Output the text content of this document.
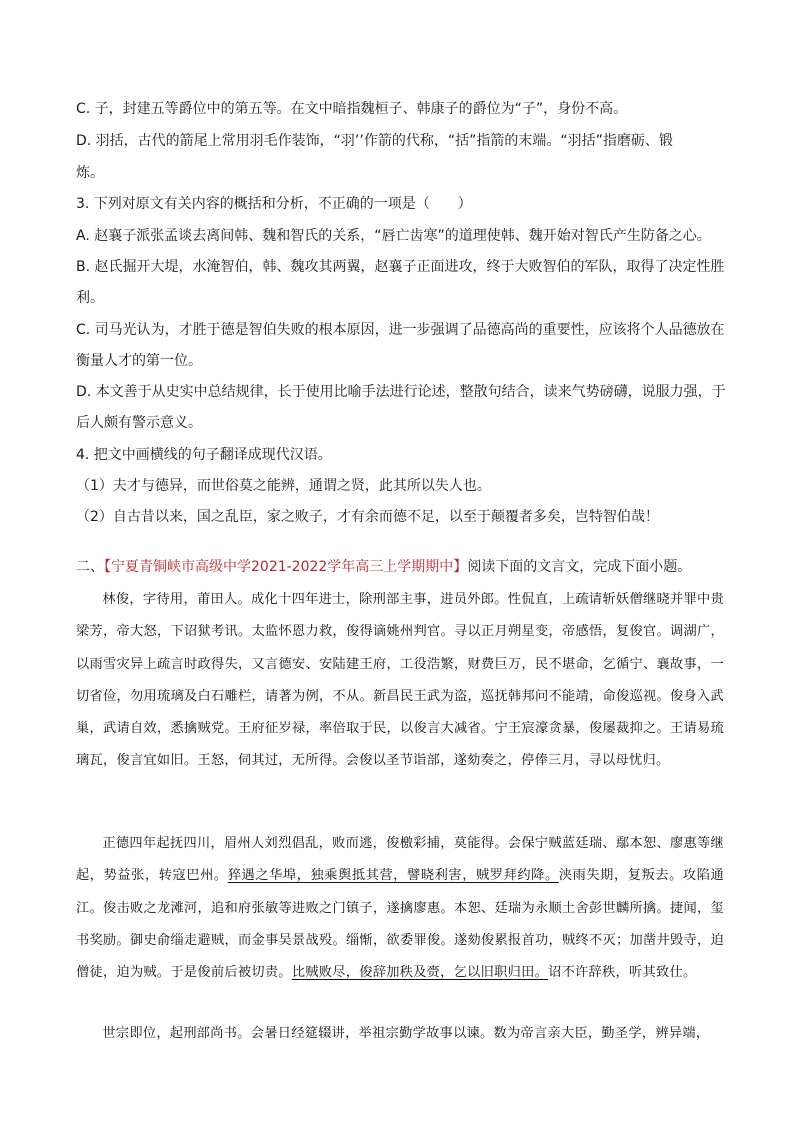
C. 子，封建五等爵位中的第五等。在文中暗指魏桓子、韩康子的爵位为“子”，身份不高。
D. 羽括，古代的箭尾上常用羽毛作装饰，“羽’’作箭的代称，“括”指箭的末端。“羽括”指磨砺、锻
炼。
3. 下列对原文有关内容的概括和分析，不正确的一项是（　　）
A. 赵襄子派张孟谈去离间韩、魏和智氏的关系，“唇亡齿寒”的道理使韩、魏开始对智氏产生防备之心。
B. 赵氏掘开大堤，水淹智伯，韩、魏攻其两翼，赵襄子正面进攻，终于大败智伯的军队，取得了决定性胜
利。
C. 司马光认为，才胜于德是智伯失败的根本原因，进一步强调了品德高尚的重要性，应该将个人品德放在
衡量人才的第一位。
D. 本文善于从史实中总结规律，长于使用比喻手法进行论述，整散句结合，读来气势磅礴，说服力强，于
后人颇有警示意义。
4. 把文中画横线的句子翻译成现代汉语。
（1）夫才与德异，而世俗莫之能辨，通谓之贤，此其所以失人也。
（2）自古昔以来，国之乱臣，家之败子，才有余而德不足，以至于颠覆者多矣，岂特智伯哉！
二、【宁夏青铜峡市高级中学2021-2022学年高三上学期期中】阅读下面的文言文，完成下面小题。
林俊，字待用，莆田人。成化十四年进士，除刑部主事，进员外郎。性侃直，上疏请斩妖僧继晓并罪中贵梁芳，帝大怒，下诏狱考讯。太监怀恩力救，俊得谪姚州判官。寻以正月朔星变，帝感悟，复俊官。调湖广，以雨雪灾异上疏言时政得失，又言德安、安陆建王府，工役浩繁，财费巨万，民不堪命，乞循宁、襄故事，一切省俭，勿用琉璃及白石雕栏，请著为例，不从。新昌民王武为盗，巡抚韩邦问不能靖，命俊巡视。俊身入武巢，武请自效，悉擒贼党。王府征岁禄，率倍取于民，以俊言大减省。宁王宸濠贪暴，俊屡裁抑之。王请易琉璃瓦，俊言宜如旧。王怒，伺其过，无所得。会俊以圣节诣部，遂劾奏之，停俸三月，寻以母忧归。
正德四年起抚四川，眉州人刘烈倡乱，败而逃，俊檄彩捕，莫能得。会保宁贼蓝廷瑞、鄢本恕、廖惠等继起，势益张，转寇巴州。猝遇之华埠，独乘舆抵其营，譬晓利害，贼罗拜约降。浃雨失期，复叛去。攻陷通江。俊击败之龙滩河，追和府张敏等进败之门镇子，遂擒廖惠。本恕、廷瑞为永顺土舍彭世麟所擒。捷闻，玺书奖励。御史俞缁走避贼，而金事吴景战殁。缁惭，欲委罪俊。遂劾俊累报首功，贼终不灭；加凿井毁寺，迫僧徒，迫为贼。于是俊前后被切责。比贼败尽，俊辞加秩及赍，乞以旧职归田。诏不许辞秩，听其致仕。
世宗即位，起刑部尚书。会暑日经筵辍讲，举祖宗勤学故事以谏。数为帝言亲大臣，勤圣学，辨异端，
